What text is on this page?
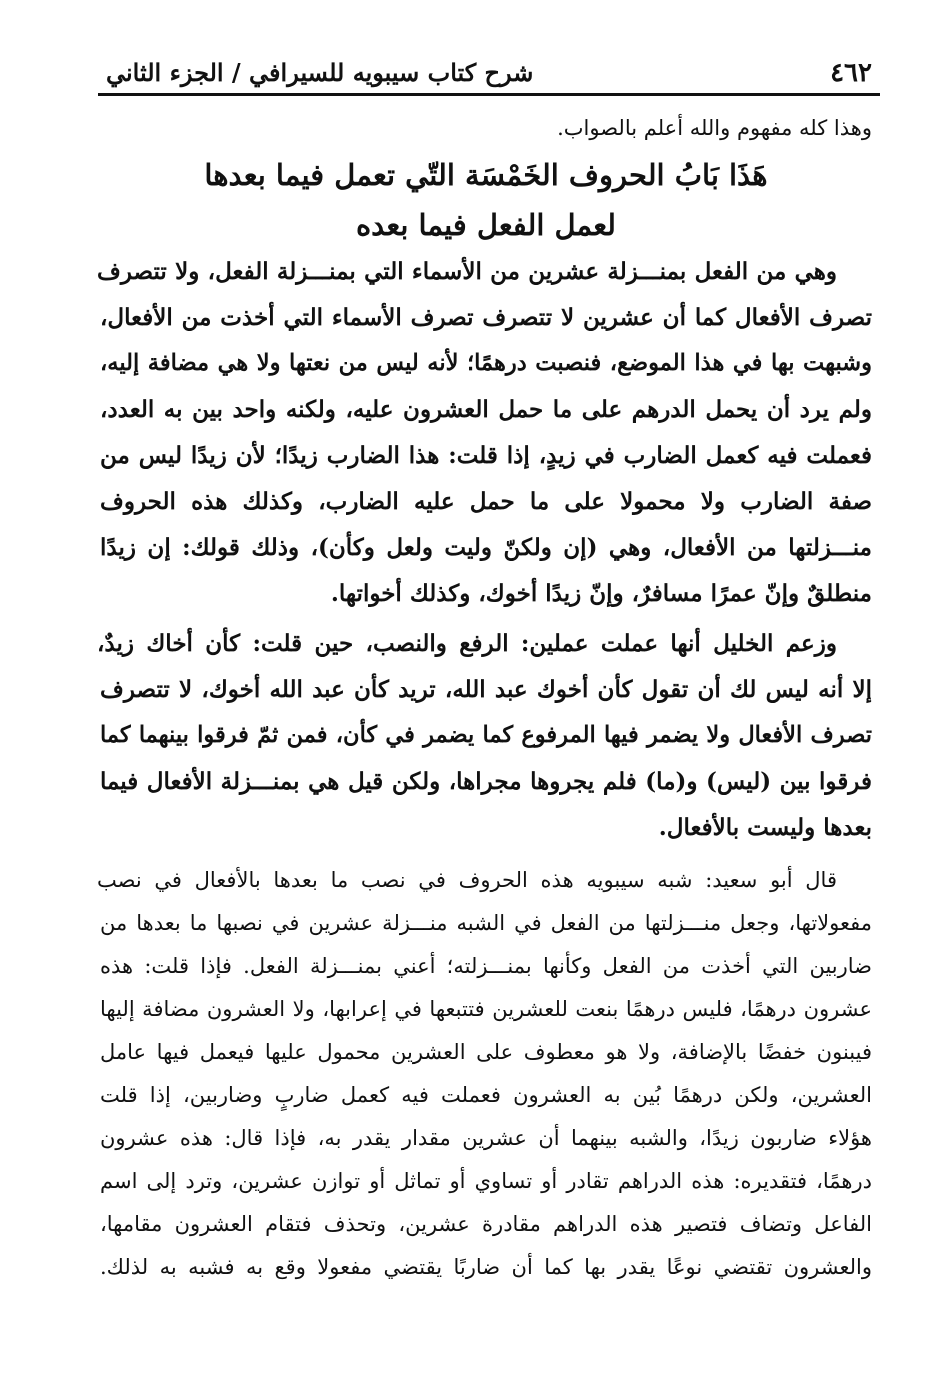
٤٦٢
شرح كتاب سيبويه للسيرافي / الجزء الثاني
وهذا كله مفهوم والله أعلم بالصواب.
هَذَا بَابُ الحروف الخَمْسَة التّي تعمل فيما بعدها
لعمل الفعل فيما بعده
وهي من الفعل بمنـــزلة عشرين من الأسماء التي بمنـــزلة الفعل، ولا تتصرف
تصرف الأفعال كما أن عشرين لا تتصرف تصرف الأسماء التي أخذت من الأفعال،
وشبهت بها في هذا الموضع، فنصبت درهمًا؛ لأنه ليس من نعتها ولا هي مضافة إليه،
ولم يرد أن يحمل الدرهم على ما حمل العشرون عليه، ولكنه واحد بين به العدد،
فعملت فيه كعمل الضارب في زيدٍ، إذا قلت: هذا الضارب زيدًا؛ لأن زيدًا ليس من
صفة الضارب ولا محمولا على ما حمل عليه الضارب، وكذلك هذه الحروف
منـــزلتها من الأفعال، وهي (إن ولكنّ وليت ولعل وكأن)، وذلك قولك: إن زيدًا
منطلقٌ وإنّ عمرًا مسافرٌ، وإنّ زيدًا أخوك، وكذلك أخواتها.
وزعم الخليل أنها عملت عملين: الرفع والنصب، حين قلت: كأن أخاك زيدٌ،
إلا أنه ليس لك أن تقول كأن أخوك عبد الله، تريد كأن عبد الله أخوك، لا تتصرف
تصرف الأفعال ولا يضمر فيها المرفوع كما يضمر في كأن، فمن ثمّ فرقوا بينهما كما
فرقوا بين (ليس) و(ما) فلم يجروها مجراها، ولكن قيل هي بمنـــزلة الأفعال فيما
بعدها وليست بالأفعال.
قال أبو سعيد: شبه سيبويه هذه الحروف في نصب ما بعدها بالأفعال في نصب
مفعولاتها، وجعل منـــزلتها من الفعل في الشبه منـــزلة عشرين في نصبها ما بعدها من
ضاربين التي أخذت من الفعل وكأنها بمنـــزلته؛ أعني بمنـــزلة الفعل. فإذا قلت: هذه
عشرون درهمًا، فليس درهمًا بنعت للعشرين فتتبعها في إعرابها، ولا العشرون مضافة إليها
فيبنون خفضًا بالإضافة، ولا هو معطوف على العشرين محمول عليها فيعمل فيها عامل
العشرين، ولكن درهمًا بُين به العشرون فعملت فيه كعمل ضاربٍ وضاربين، إذا قلت
هؤلاء ضاربون زيدًا، والشبه بينهما أن عشرين مقدار يقدر به، فإذا قال: هذه عشرون
درهمًا، فتقديره: هذه الدراهم تقادر أو تساوي أو تماثل أو توازن عشرين، وترد إلى اسم
الفاعل وتضاف فتصير هذه الدراهم مقادرة عشرين، وتحذف فتقام العشرون مقامها،
والعشرون تقتضي نوعًا يقدر بها كما أن ضاربًا يقتضي مفعولا وقع به فشبه به لذلك.
